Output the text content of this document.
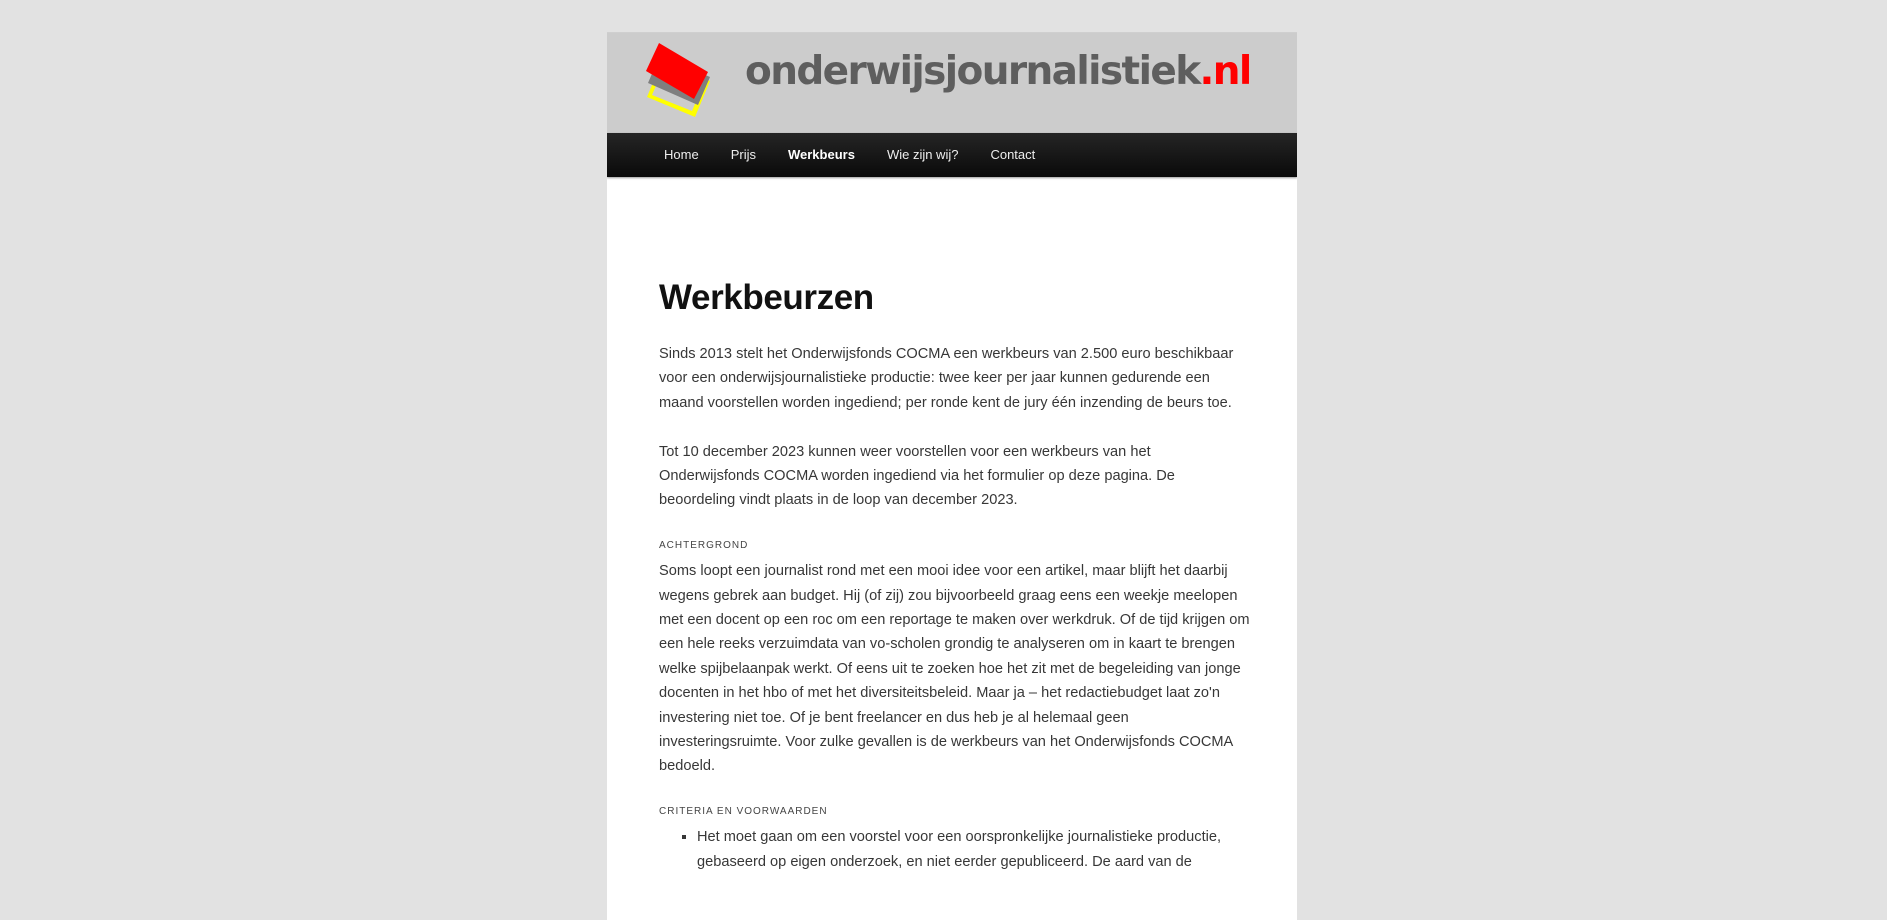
onderwijsjournalistiek.nl
Home	Prijs	Werkbeurs	Wie zijn wij?	Contact
Werkbeurzen

Sinds 2013 stelt het Onderwijsfonds COCMA een werkbeurs van 2.500 euro beschikbaar voor een onderwijsjournalistieke productie: twee keer per jaar kunnen gedurende een maand voorstellen worden ingediend; per ronde kent de jury één inzending de beurs toe.

Tot 10 december 2023 kunnen weer voorstellen voor een werkbeurs van het Onderwijsfonds COCMA worden ingediend via het formulier op deze pagina. De beoordeling vindt plaats in de loop van december 2023.

ACHTERGROND

Soms loopt een journalist rond met een mooi idee voor een artikel, maar blijft het daarbij wegens gebrek aan budget. Hij (of zij) zou bijvoorbeeld graag eens een weekje meelopen met een docent op een roc om een reportage te maken over werkdruk. Of de tijd krijgen om een hele reeks verzuimdata van vo-scholen grondig te analyseren om in kaart te brengen welke spijbelaanpak werkt. Of eens uit te zoeken hoe het zit met de begeleiding van jonge docenten in het hbo of met het diversiteitsbeleid. Maar ja – het redactiebudget laat zo'n investering niet toe. Of je bent freelancer en dus heb je al helemaal geen investeringsruimte. Voor zulke gevallen is de werkbeurs van het Onderwijsfonds COCMA bedoeld.

CRITERIA EN VOORWAARDEN
▪ Het moet gaan om een voorstel voor een oorspronkelijke journalistieke productie, gebaseerd op eigen onderzoek, en niet eerder gepubliceerd. De aard van de
